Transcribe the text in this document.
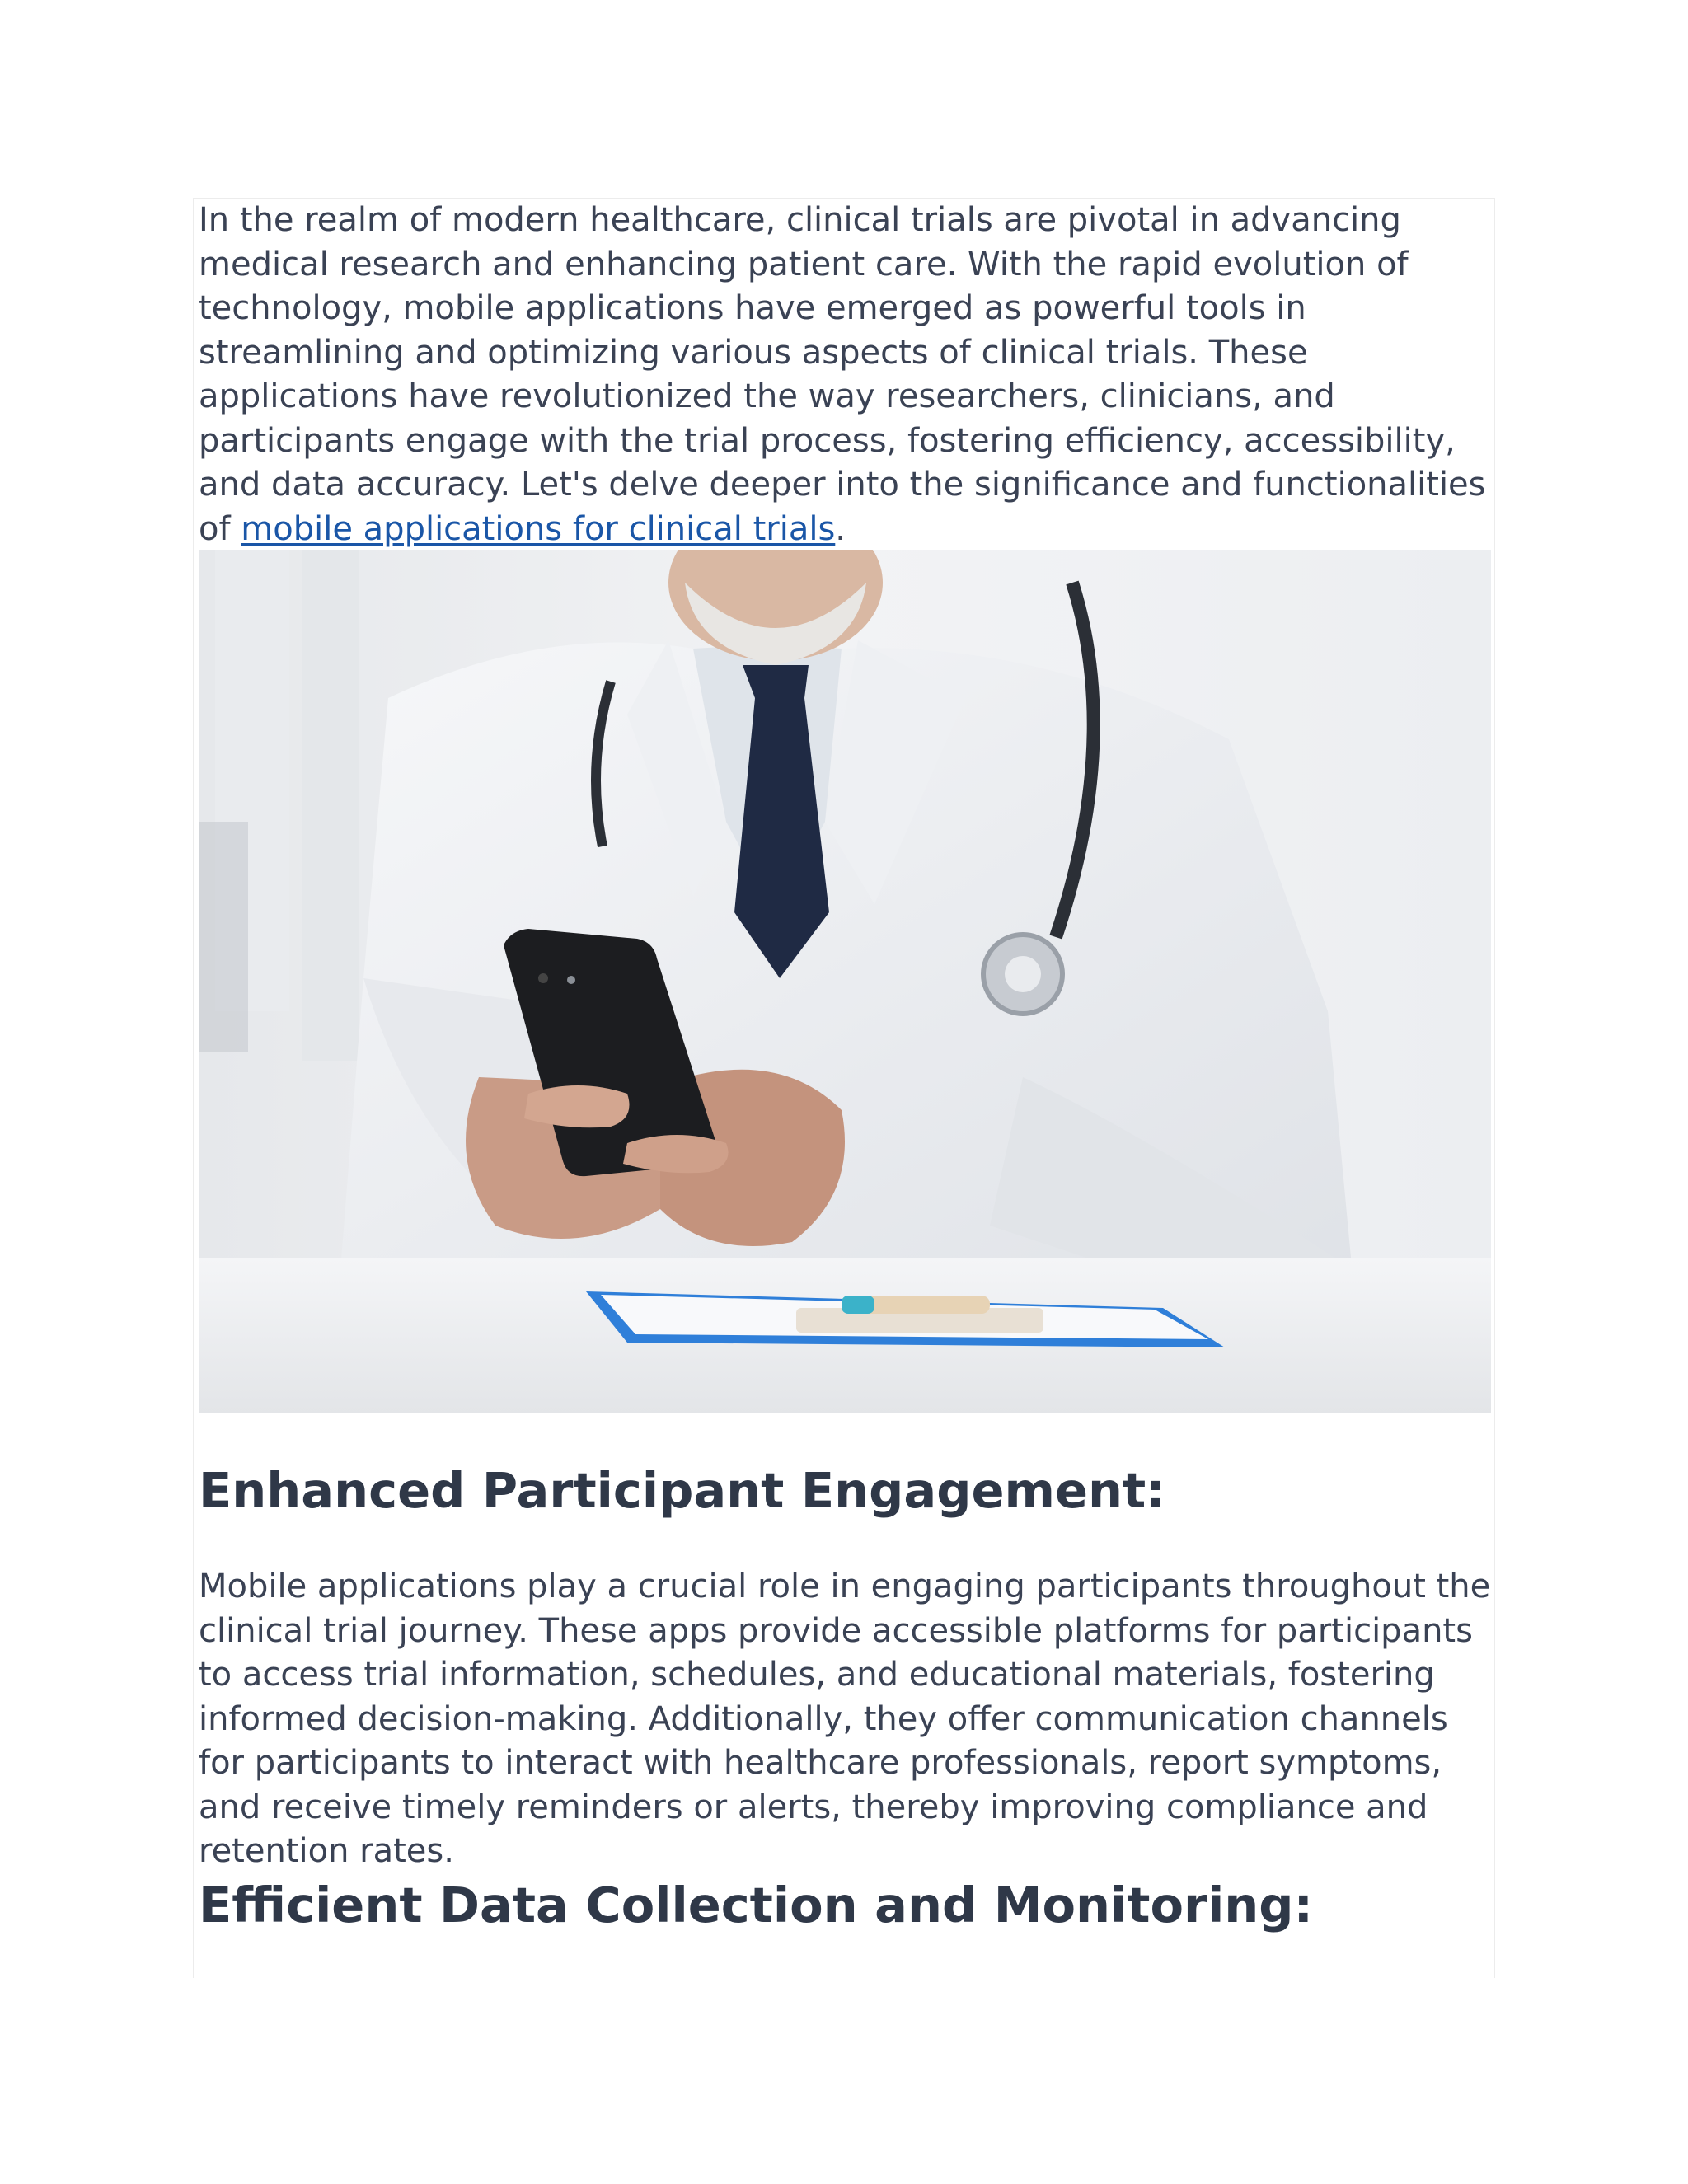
In the realm of modern healthcare, clinical trials are pivotal in advancing medical research and enhancing patient care. With the rapid evolution of technology, mobile applications have emerged as powerful tools in streamlining and optimizing various aspects of clinical trials. These applications have revolutionized the way researchers, clinicians, and participants engage with the trial process, fostering efficiency, accessibility, and data accuracy. Let's delve deeper into the significance and functionalities of mobile applications for clinical trials.

Enhanced Participant Engagement:

Mobile applications play a crucial role in engaging participants throughout the clinical trial journey. These apps provide accessible platforms for participants to access trial information, schedules, and educational materials, fostering informed decision-making. Additionally, they offer communication channels for participants to interact with healthcare professionals, report symptoms, and receive timely reminders or alerts, thereby improving compliance and retention rates.

Efficient Data Collection and Monitoring:
